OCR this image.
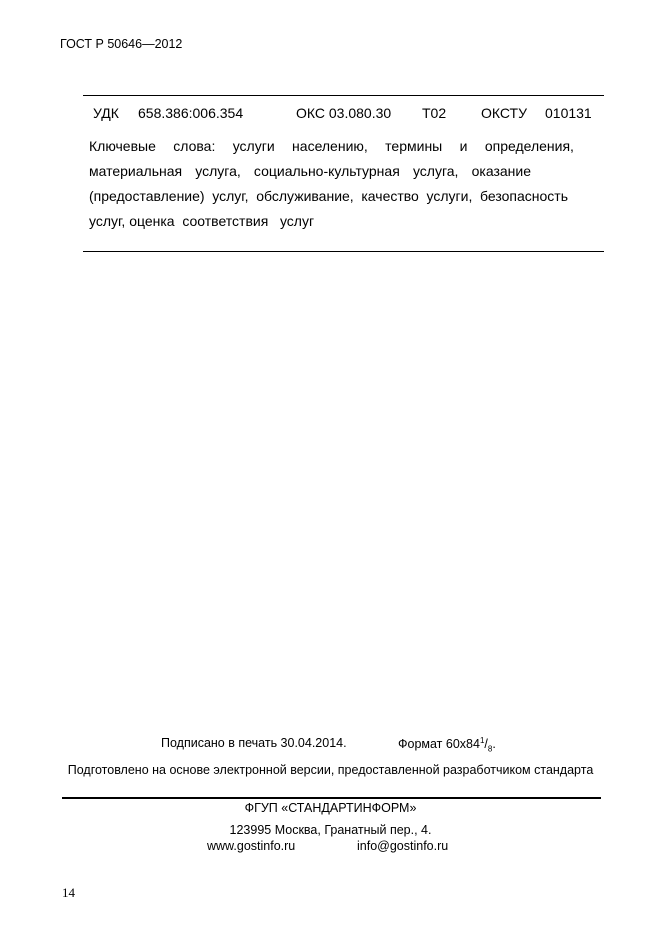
ГОСТ Р 50646—2012
УДК 658.386:006.354	ОКС 03.080.30 Т02 ОКСТУ 010131
Ключевые слова: услуги населению, термины и определения,
материальная услуга, социально-культурная услуга, оказание
(предоставление) услуг, обслуживание, качество услуги, безопасность
услуг, оценка  соответствия   услуг
Подписано в печать 30.04.2014.	Формат $60х84^1/_8$.
Подготовлено на основе электронной версии, предоставленной разработчиком стандарта
ФГУП «СТАНДАРТИНФОРМ»
123995 Москва, Гранатный пер., 4.
www.gostinfo.ru	info@gostinfo.ru
14
